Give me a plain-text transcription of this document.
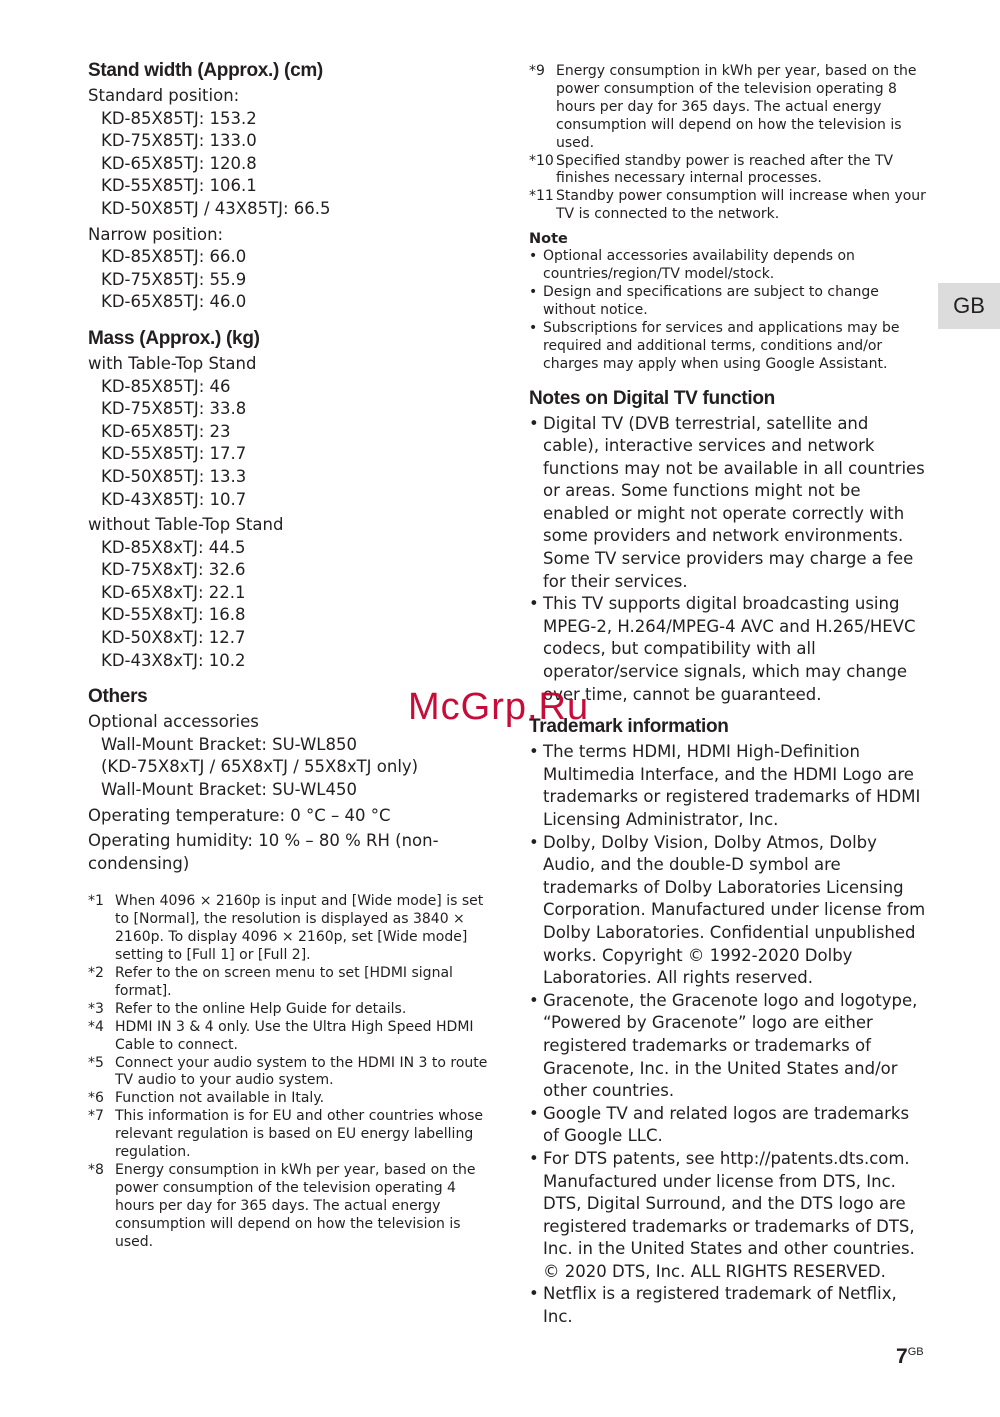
Stand width (Approx.) (cm)
Standard position:
KD-85X85TJ: 153.2
KD-75X85TJ: 133.0
KD-65X85TJ: 120.8
KD-55X85TJ: 106.1
KD-50X85TJ / 43X85TJ: 66.5
Narrow position:
KD-85X85TJ: 66.0
KD-75X85TJ: 55.9
KD-65X85TJ: 46.0
Mass (Approx.) (kg)
with Table-Top Stand
KD-85X85TJ: 46
KD-75X85TJ: 33.8
KD-65X85TJ: 23
KD-55X85TJ: 17.7
KD-50X85TJ: 13.3
KD-43X85TJ: 10.7
without Table-Top Stand
KD-85X8xTJ: 44.5
KD-75X8xTJ: 32.6
KD-65X8xTJ: 22.1
KD-55X8xTJ: 16.8
KD-50X8xTJ: 12.7
KD-43X8xTJ: 10.2
Others
Optional accessories
Wall-Mount Bracket: SU-WL850
(KD-75X8xTJ / 65X8xTJ / 55X8xTJ only)
Wall-Mount Bracket: SU-WL450
Operating temperature: 0 °C – 40 °C
Operating humidity: 10 % – 80 % RH (non-condensing)
*1 When 4096 × 2160p is input and [Wide mode] is set to [Normal], the resolution is displayed as 3840 × 2160p. To display 4096 × 2160p, set [Wide mode] setting to [Full 1] or [Full 2].
*2 Refer to the on screen menu to set [HDMI signal format].
*3 Refer to the online Help Guide for details.
*4 HDMI IN 3 & 4 only. Use the Ultra High Speed HDMI Cable to connect.
*5 Connect your audio system to the HDMI IN 3 to route TV audio to your audio system.
*6 Function not available in Italy.
*7 This information is for EU and other countries whose relevant regulation is based on EU energy labelling regulation.
*8 Energy consumption in kWh per year, based on the power consumption of the television operating 4 hours per day for 365 days. The actual energy consumption will depend on how the television is used.
*9 Energy consumption in kWh per year, based on the power consumption of the television operating 8 hours per day for 365 days. The actual energy consumption will depend on how the television is used.
*10 Specified standby power is reached after the TV finishes necessary internal processes.
*11 Standby power consumption will increase when your TV is connected to the network.
Note
• Optional accessories availability depends on countries/region/TV model/stock.
• Design and specifications are subject to change without notice.
• Subscriptions for services and applications may be required and additional terms, conditions and/or charges may apply when using Google Assistant.
Notes on Digital TV function
• Digital TV (DVB terrestrial, satellite and cable), interactive services and network functions may not be available in all countries or areas. Some functions might not be enabled or might not operate correctly with some providers and network environments. Some TV service providers may charge a fee for their services.
• This TV supports digital broadcasting using MPEG-2, H.264/MPEG-4 AVC and H.265/HEVC codecs, but compatibility with all operator/service signals, which may change over time, cannot be guaranteed.
Trademark information
• The terms HDMI, HDMI High-Definition Multimedia Interface, and the HDMI Logo are trademarks or registered trademarks of HDMI Licensing Administrator, Inc.
• Dolby, Dolby Vision, Dolby Atmos, Dolby Audio, and the double-D symbol are trademarks of Dolby Laboratories Licensing Corporation. Manufactured under license from Dolby Laboratories. Confidential unpublished works. Copyright © 1992-2020 Dolby Laboratories. All rights reserved.
• Gracenote, the Gracenote logo and logotype, “Powered by Gracenote” logo are either registered trademarks or trademarks of Gracenote, Inc. in the United States and/or other countries.
• Google TV and related logos are trademarks of Google LLC.
• For DTS patents, see http://patents.dts.com. Manufactured under license from DTS, Inc. DTS, Digital Surround, and the DTS logo are registered trademarks or trademarks of DTS, Inc. in the United States and other countries. © 2020 DTS, Inc. ALL RIGHTS RESERVED.
• Netflix is a registered trademark of Netflix, Inc.
GB
McGrp.Ru
$7^{GB}$
